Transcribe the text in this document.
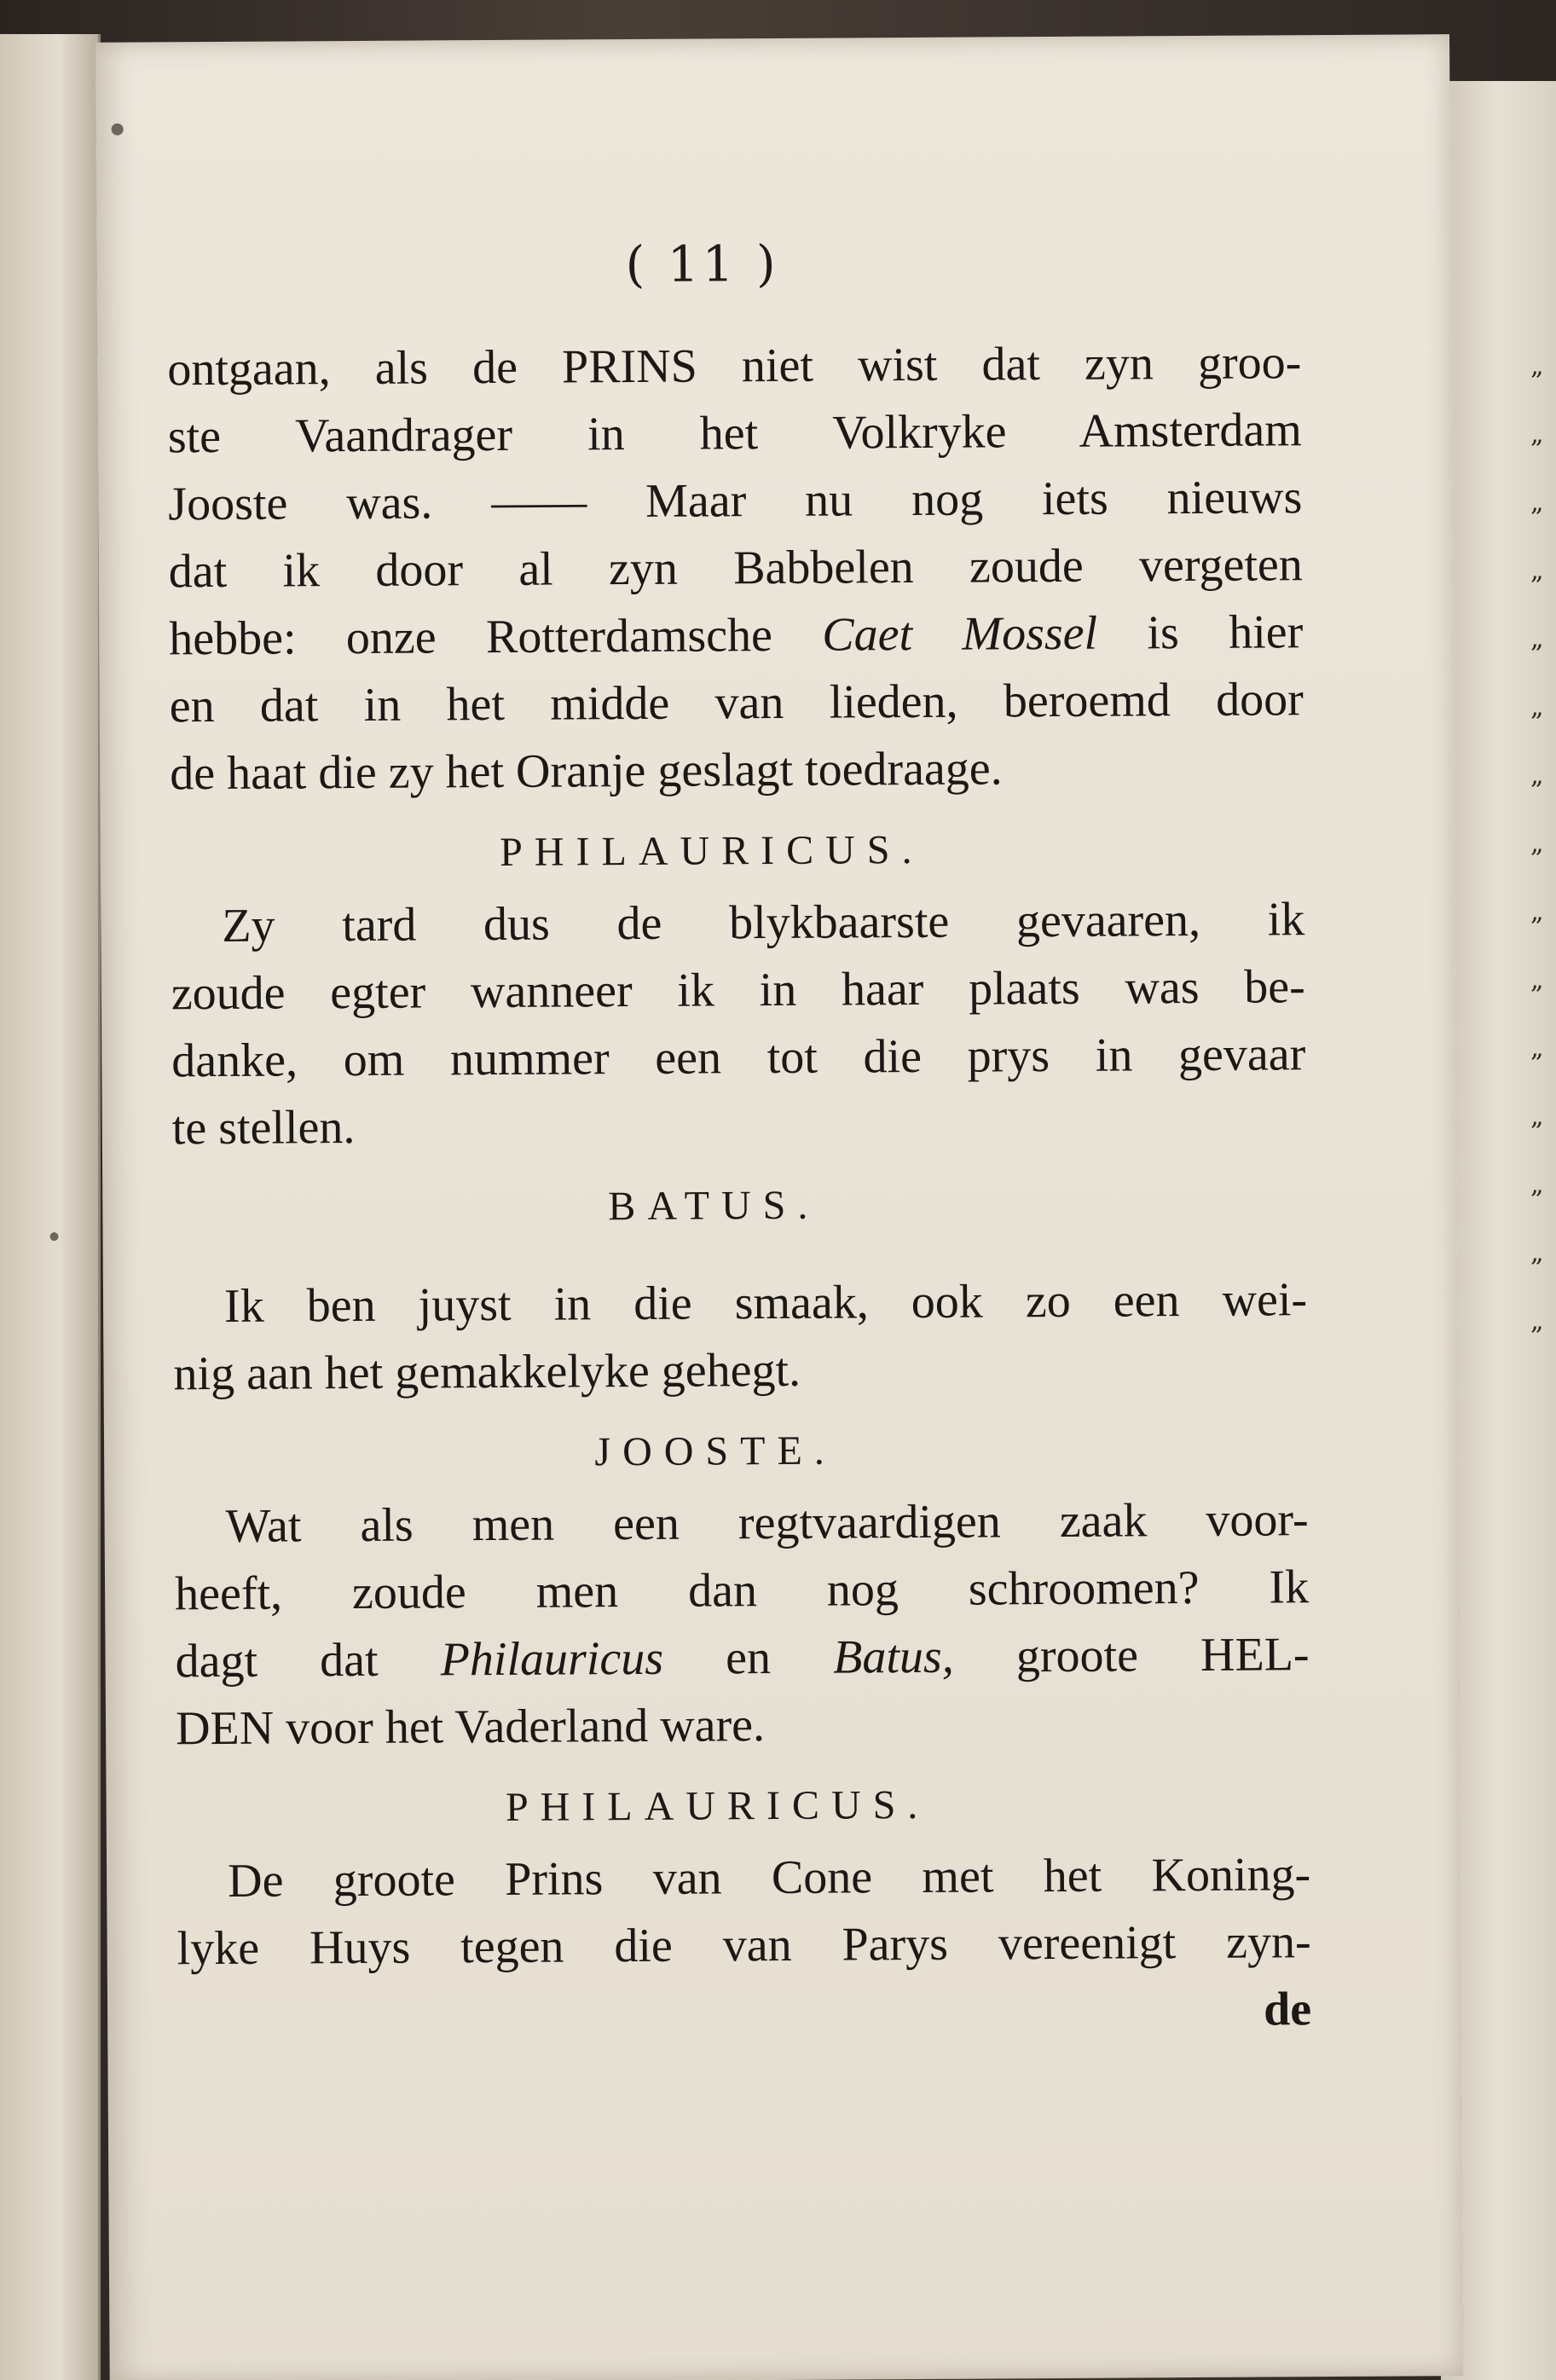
„
„
„
„
„
„
„
„
„
„
„
„
„
„
„
( 11 )
ontgaan, als de PRINS niet wist dat zyn groo-
ste Vaandrager in het Volkryke Amsterdam
Jooste was. —— Maar nu nog iets nieuws
dat ik door al zyn Babbelen zoude vergeten
hebbe: onze Rotterdamsche Caet Mossel is hier
en dat in het midde van lieden, beroemd door
de haat die zy het Oranje geslagt toedraage.
PHILAURICUS.
Zy tard dus de blykbaarste gevaaren, ik
zoude egter wanneer ik in haar plaats was be-
danke, om nummer een tot die prys in gevaar
te stellen.
BATUS.
Ik ben juyst in die smaak, ook zo een wei-
nig aan het gemakkelyke gehegt.
JOOSTE.
Wat als men een regtvaardigen zaak voor-
heeft, zoude men dan nog schroomen? Ik
dagt dat Philauricus en Batus, groote HEL-
DEN voor het Vaderland ware.
PHILAURICUS.
De groote Prins van Cone met het Koning-
lyke Huys tegen die van Parys vereenigt zyn-
de
